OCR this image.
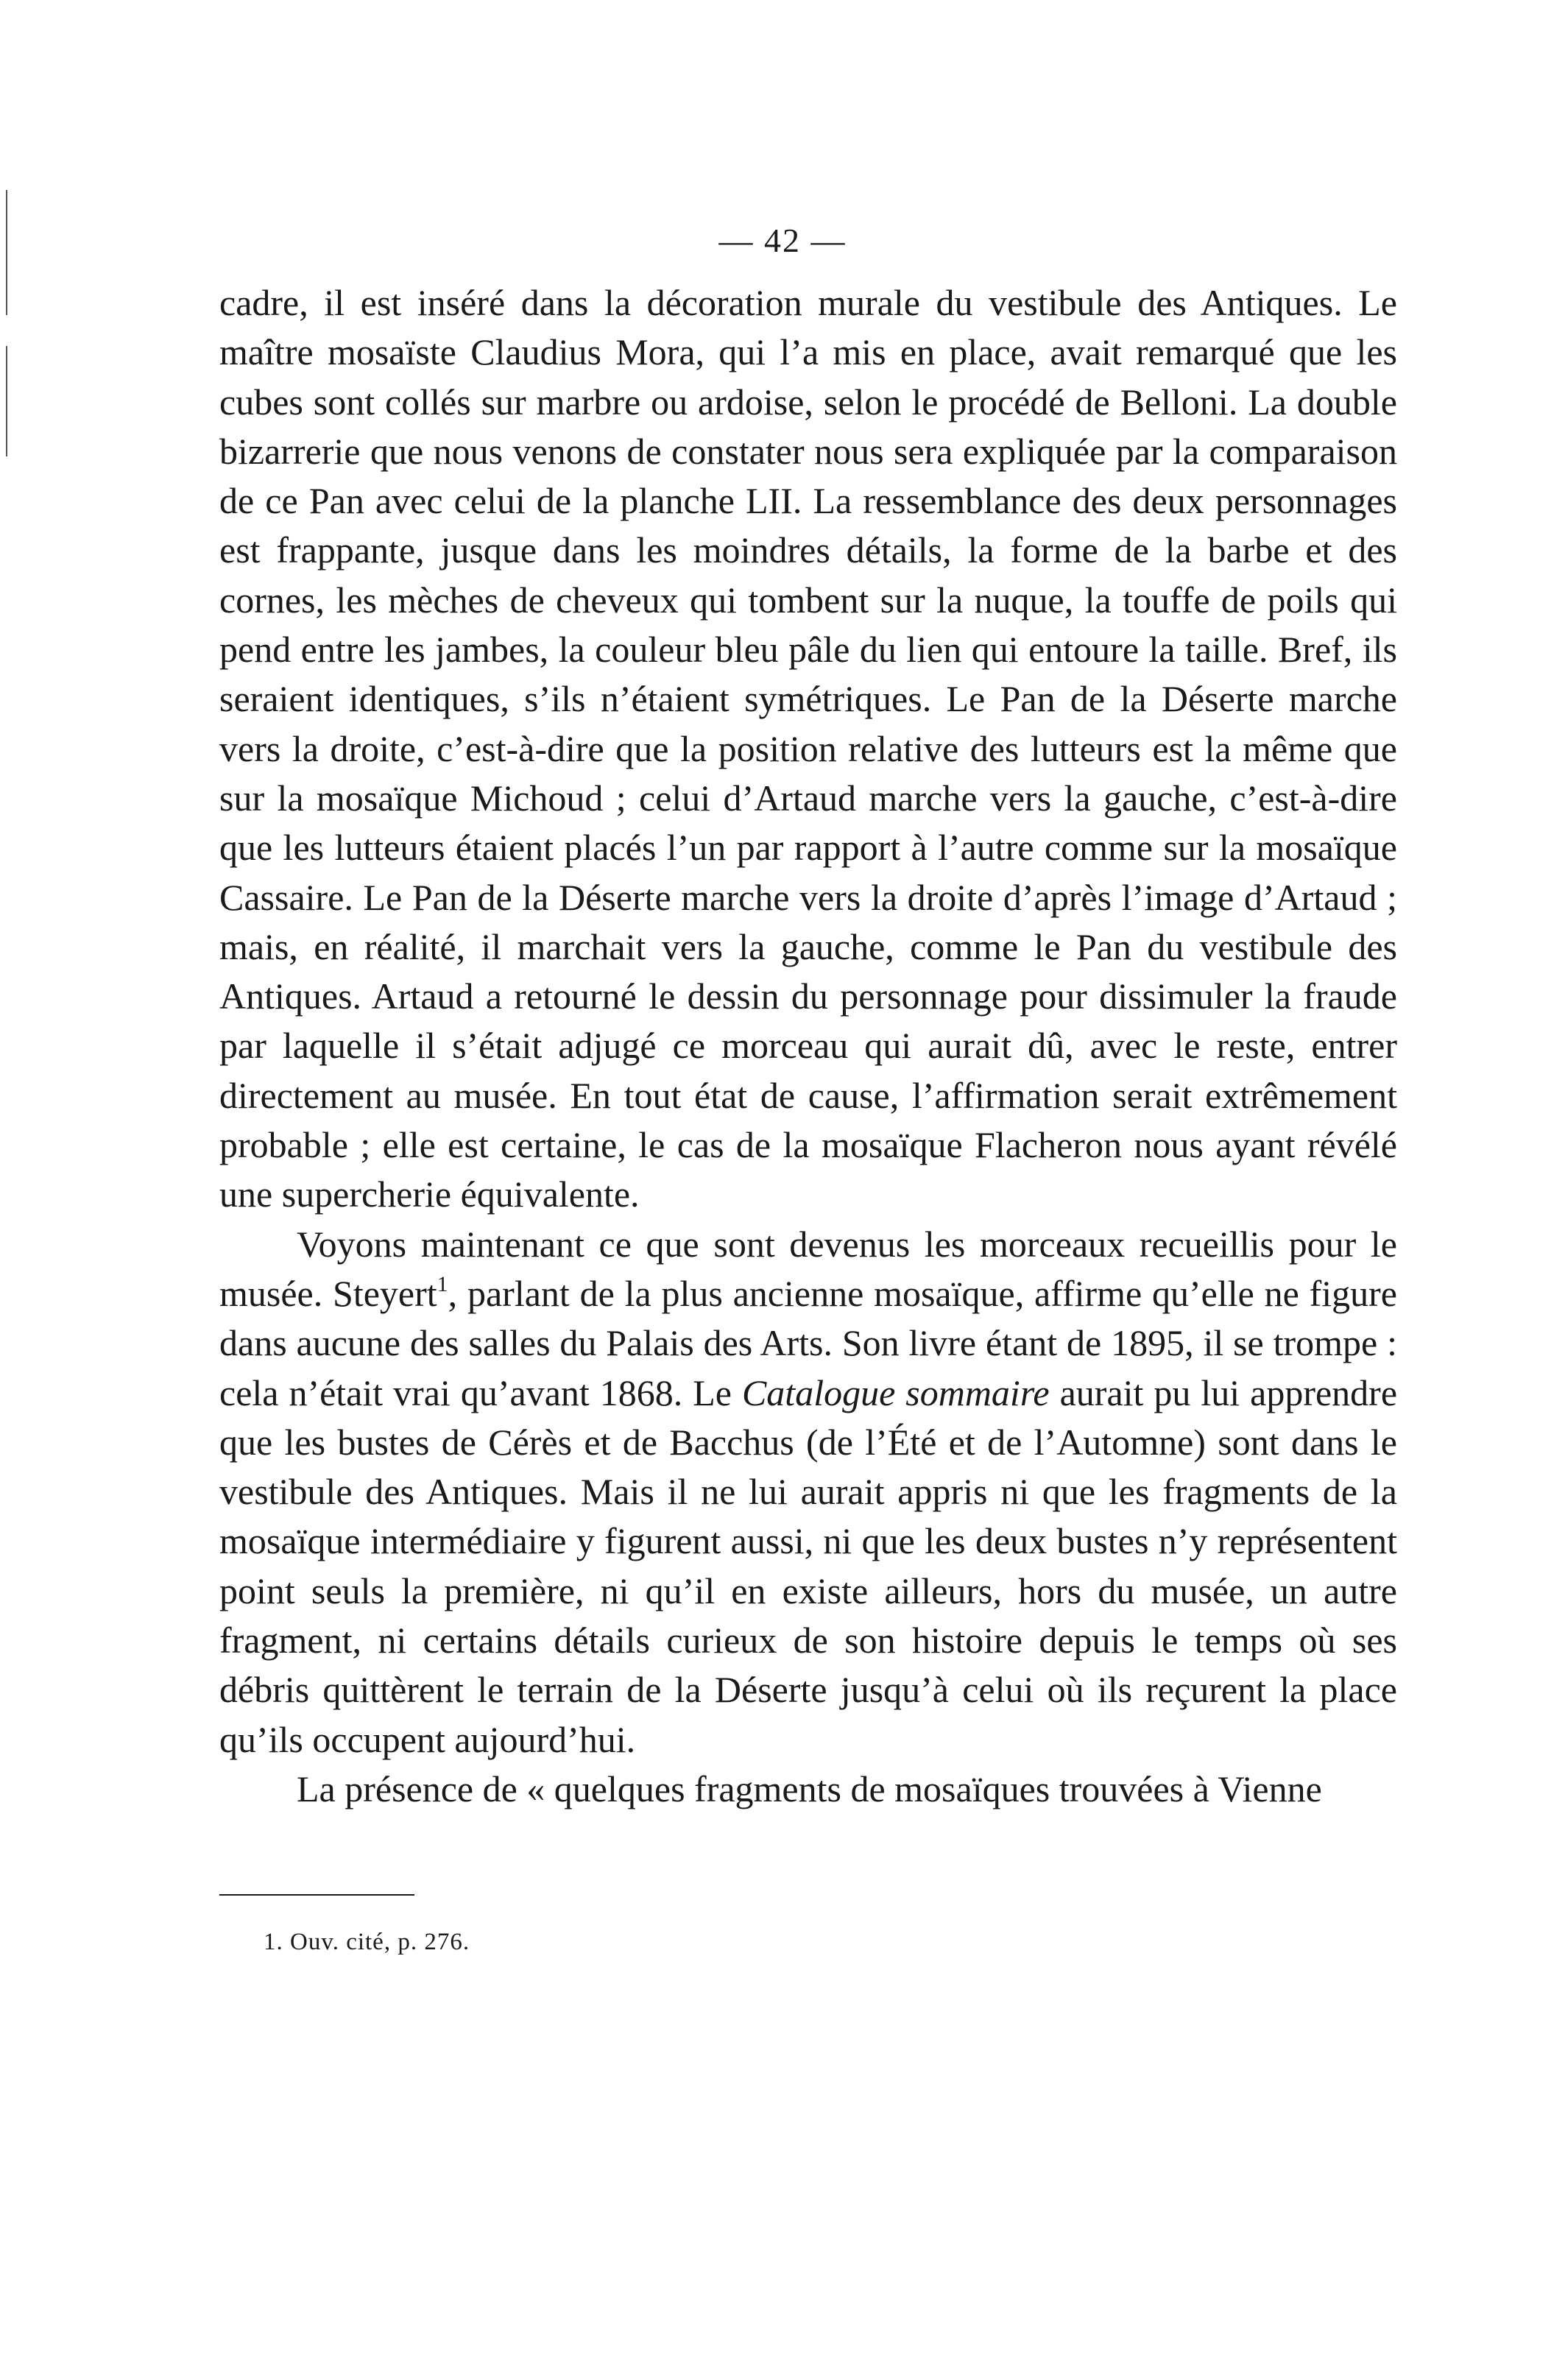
— 42 —

cadre, il est inséré dans la décoration murale du vestibule des Antiques. Le maître mosaïste Claudius Mora, qui l’a mis en place, avait remarqué que les cubes sont collés sur marbre ou ardoise, selon le procédé de Belloni. La double bizarrerie que nous venons de constater nous sera expliquée par la comparaison de ce Pan avec celui de la planche LII. La ressemblance des deux personnages est frappante, jusque dans les moindres détails, la forme de la barbe et des cornes, les mèches de cheveux qui tombent sur la nuque, la touffe de poils qui pend entre les jambes, la couleur bleu pâle du lien qui entoure la taille. Bref, ils seraient identiques, s’ils n’étaient symétriques. Le Pan de la Déserte marche vers la droite, c’est-à-dire que la position relative des lutteurs est la même que sur la mosaïque Michoud ; celui d’Artaud marche vers la gauche, c’est-à-dire que les lutteurs étaient placés l’un par rapport à l’autre comme sur la mosaïque Cassaire. Le Pan de la Déserte marche vers la droite d’après l’image d’Artaud ; mais, en réalité, il marchait vers la gauche, comme le Pan du vestibule des Antiques. Artaud a retourné le dessin du personnage pour dissimuler la fraude par laquelle il s’était adjugé ce morceau qui aurait dû, avec le reste, entrer directement au musée. En tout état de cause, l’affirmation serait extrêmement probable ; elle est certaine, le cas de la mosaïque Flacheron nous ayant révélé une supercherie équivalente.

Voyons maintenant ce que sont devenus les morceaux recueillis pour le musée. Steyert$^1$, parlant de la plus ancienne mosaïque, affirme qu’elle ne figure dans aucune des salles du Palais des Arts. Son livre étant de 1895, il se trompe : cela n’était vrai qu’avant 1868. Le Catalogue sommaire aurait pu lui apprendre que les bustes de Cérès et de Bacchus (de l’Été et de l’Automne) sont dans le vestibule des Antiques. Mais il ne lui aurait appris ni que les fragments de la mosaïque intermédiaire y figurent aussi, ni que les deux bustes n’y représentent point seuls la première, ni qu’il en existe ailleurs, hors du musée, un autre fragment, ni certains détails curieux de son histoire depuis le temps où ses débris quittèrent le terrain de la Déserte jusqu’à celui où ils reçurent la place qu’ils occupent aujourd’hui.

La présence de « quelques fragments de mosaïques trouvées à Vienne

1. Ouv. cité, p. 276.
